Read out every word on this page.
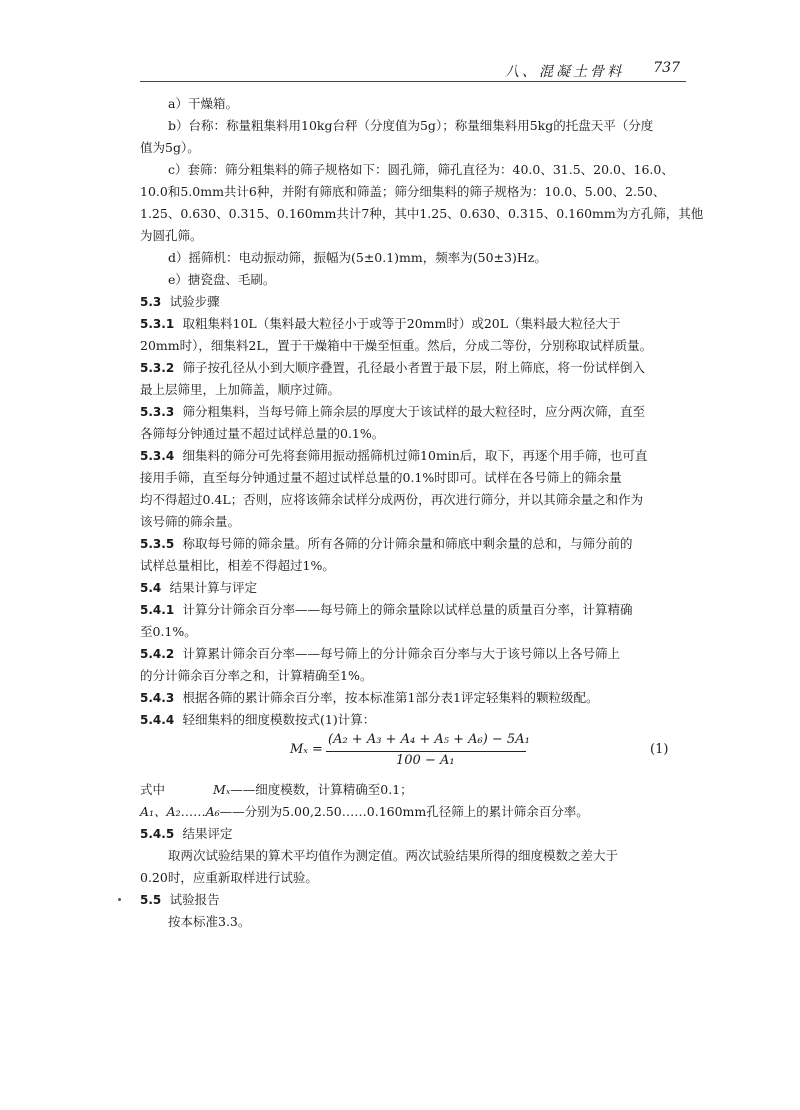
八、混凝土骨料 737
a）干燥箱。
b）台称：称量粗集料用10kg台秤（分度值为5g）；称量细集料用5kg的托盘天平（分度
值为5g）。
c）套筛：筛分粗集料的筛子规格如下：圆孔筛，筛孔直径为：40.0、31.5、20.0、16.0、
10.0和5.0mm共计6种，并附有筛底和筛盖；筛分细集料的筛子规格为：10.0、5.00、2.50、
1.25、0.630、0.315、0.160mm共计7种，其中1.25、0.630、0.315、0.160mm为方孔筛，其他
为圆孔筛。
d）摇筛机：电动振动筛，振幅为(5±0.1)mm，频率为(50±3)Hz。
e）搪瓷盘、毛刷。
5.3 试验步骤
5.3.1 取粗集料10L（集料最大粒径小于或等于20mm时）或20L（集料最大粒径大于
20mm时），细集料2L，置于干燥箱中干燥至恒重。然后，分成二等份，分别称取试样质量。
5.3.2 筛子按孔径从小到大顺序叠置，孔径最小者置于最下层，附上筛底，将一份试样倒入
最上层筛里，上加筛盖，顺序过筛。
5.3.3 筛分粗集料，当每号筛上筛余层的厚度大于该试样的最大粒径时，应分两次筛，直至
各筛每分钟通过量不超过试样总量的0.1%。
5.3.4 细集料的筛分可先将套筛用振动摇筛机过筛10min后，取下，再逐个用手筛，也可直
接用手筛，直至每分钟通过量不超过试样总量的0.1%时即可。试样在各号筛上的筛余量
均不得超过0.4L；否则，应将该筛余试样分成两份，再次进行筛分，并以其筛余量之和作为
该号筛的筛余量。
5.3.5 称取每号筛的筛余量。所有各筛的分计筛余量和筛底中剩余量的总和，与筛分前的
试样总量相比，相差不得超过1%。
5.4 结果计算与评定
5.4.1 计算分计筛余百分率——每号筛上的筛余量除以试样总量的质量百分率，计算精确
至0.1%。
5.4.2 计算累计筛余百分率——每号筛上的分计筛余百分率与大于该号筛以上各号筛上
的分计筛余百分率之和，计算精确至1%。
5.4.3 根据各筛的累计筛余百分率，按本标准第1部分表1评定轻集料的颗粒级配。
5.4.4 轻细集料的细度模数按式(1)计算：
Mₓ =
(A₂ + A₃ + A₄ + A₅ + A₆) − 5A₁
100 − A₁
(1)
式中	Mₓ——细度模数，计算精确至0.1；
A₁、A₂……A₆——分别为5.00,2.50……0.160mm孔径筛上的累计筛余百分率。
5.4.5 结果评定
取两次试验结果的算术平均值作为测定值。两次试验结果所得的细度模数之差大于
0.20时，应重新取样进行试验。
5.5 试验报告
按本标准3.3。
